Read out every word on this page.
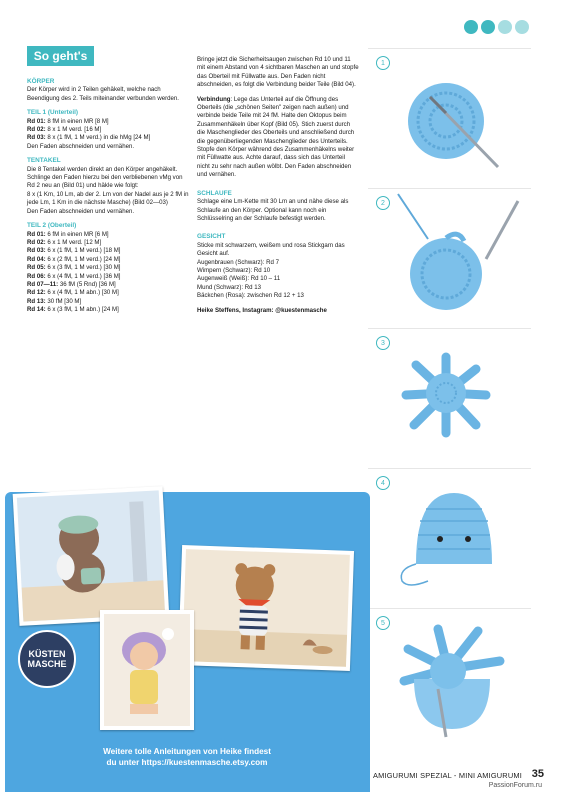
So geht's
KÖRPER
Der Körper wird in 2 Teilen gehäkelt, welche nach Beendigung des 2. Teils miteinander verbunden werden.
TEIL 1 (Unterteil)
Rd 01: 8 fM in einen MR [8 M]
Rd 02: 8 x 1 M verd. [16 M]
Rd 03: 8 x (1 fM, 1 M verd.) in die hMg [24 M]
Den Faden abschneiden und vernähen.
TENTAKEL
Die 8 Tentakel werden direkt an den Körper angehäkelt. Schlinge den Faden hierzu bei den verbliebenen vMg von Rd 2 neu an (Bild 01) und häkle wie folgt:
8 x (1 Km, 10 Lm, ab der 2. Lm von der Nadel aus je 2 fM in jede Lm, 1 Km in die nächste Masche) (Bild 02—03)
Den Faden abschneiden und vernähen.
TEIL 2 (Oberteil)
Rd 01: 6 fM in einen MR [6 M]
Rd 02: 6 x 1 M verd. [12 M]
Rd 03: 6 x (1 fM, 1 M verd.) [18 M]
Rd 04: 6 x (2 fM, 1 M verd.) [24 M]
Rd 05: 6 x (3 fM, 1 M verd.) [30 M]
Rd 06: 6 x (4 fM, 1 M verd.) [36 M]
Rd 07—11: 36 fM (5 Rnd) [36 M]
Rd 12: 6 x (4 fM, 1 M abn.) [30 M]
Rd 13: 30 fM [30 M]
Rd 14: 6 x (3 fM, 1 M abn.) [24 M]
Bringe jetzt die Sicherheitsaugen zwischen Rd 10 und 11 mit einem Abstand von 4 sichtbaren Maschen an und stopfe das Oberteil mit Füllwatte aus. Den Faden nicht abschneiden, es folgt die Verbindung beider Teile (Bild 04).
Verbindung: Lege das Unterteil auf die Öffnung des Oberteils (die „schönen Seiten" zeigen nach außen) und verbinde beide Teile mit 24 fM. Halte den Oktopus beim Zusammenhäkeln über Kopf (Bild 05). Stich zuerst durch die Maschenglieder des Oberteils und anschließend durch die gegenüberliegenden Maschenglieder des Unterteils. Stopfe den Körper während des Zusammenhäkelns weiter mit Füllwatte aus. Achte darauf, dass sich das Unterteil nicht zu sehr nach außen wölbt. Den Faden abschneiden und vernähen.
SCHLAUFE
Schlage eine Lm-Kette mit 30 Lm an und nähe diese als Schlaufe an den Körper. Optional kann noch ein Schlüsselring an der Schlaufe befestigt werden.
GESICHT
Sticke mit schwarzem, weißem und rosa Stickgarn das Gesicht auf.
Augenbrauen (Schwarz): Rd 7
Wimpern (Schwarz): Rd 10
Augenweiß (Weiß): Rd 10 – 11
Mund (Schwarz): Rd 13
Bäckchen (Rosa): zwischen Rd 12 + 13
Heike Steffens, Instagram: @kuestenmasche
1
2
3
4
5
KÜSTEN
MASCHE
Weitere tolle Anleitungen von Heike findest
du unter https://kuestenmasche.etsy.com
AMIGURUMI SPEZIAL - MINI AMIGURUMI 35
PassionForum.ru
